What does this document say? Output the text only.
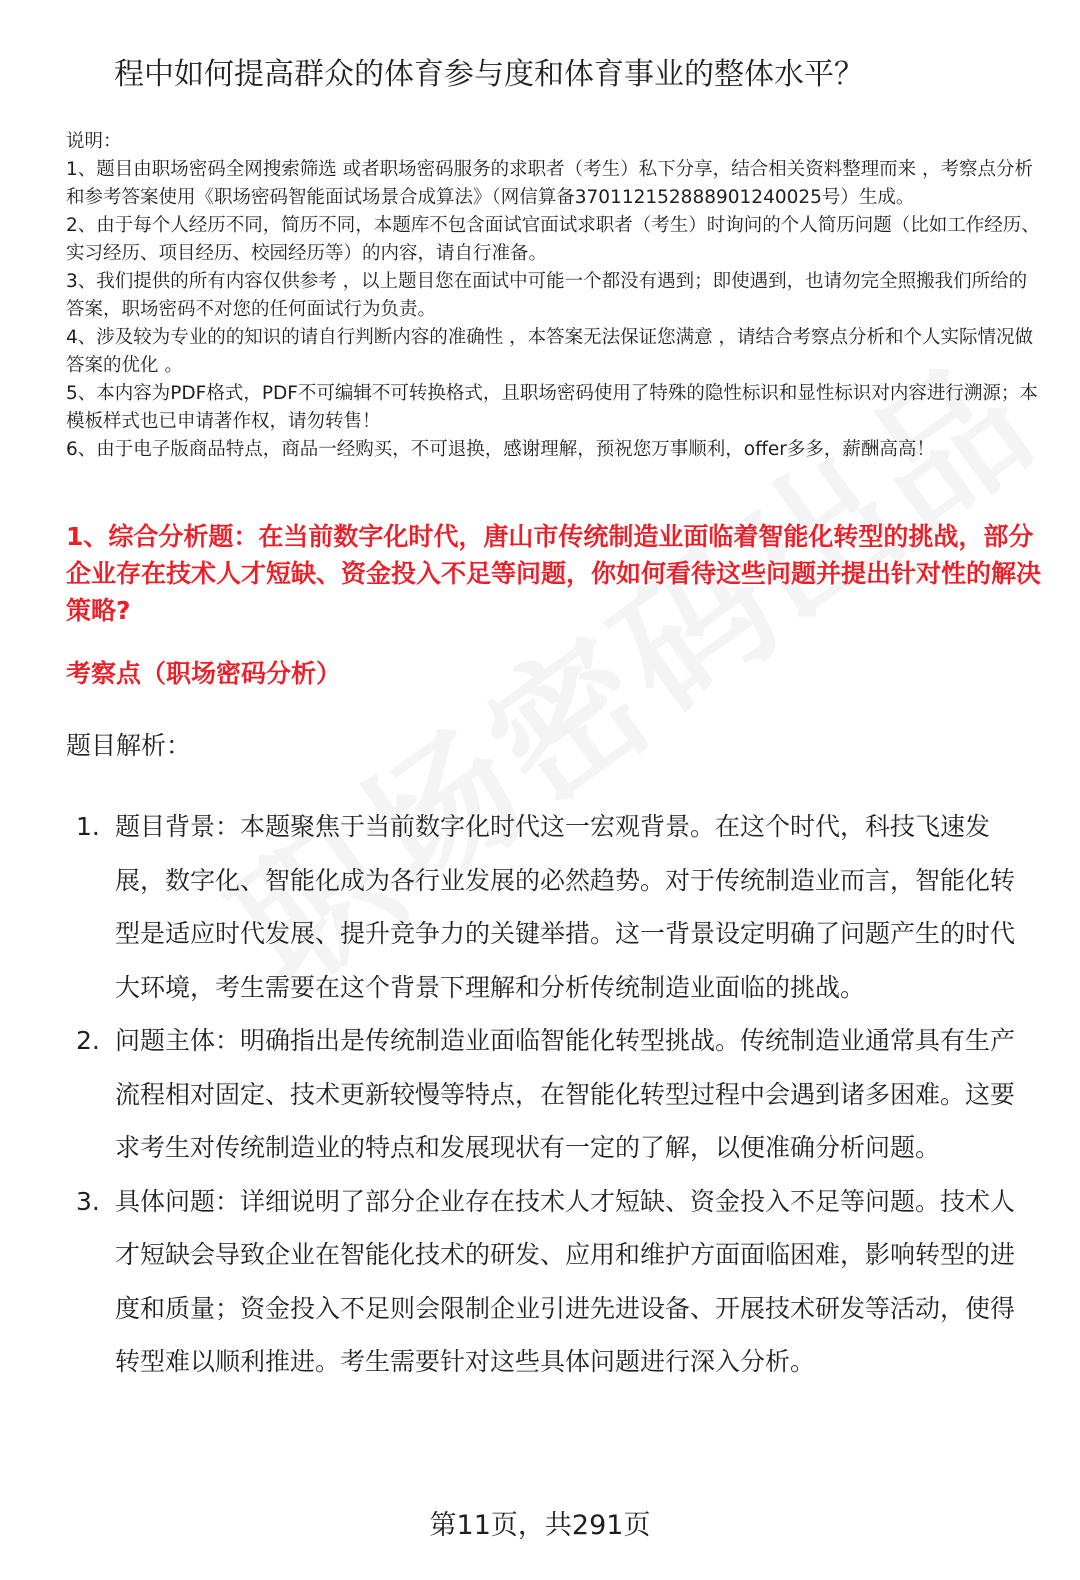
程中如何提高群众的体育参与度和体育事业的整体水平？

说明：

1、题目由职场密码全网搜索筛选 或者职场密码服务的求职者（考生）私下分享，结合相关资料整理而来 ，考察点分析和参考答案使用《职场密码智能面试场景合成算法》（网信算备370112152888901240025号）生成。

2、由于每个人经历不同，简历不同，本题库不包含面试官面试求职者（考生）时询问的个人简历问题（比如工作经历、实习经历、项目经历、校园经历等）的内容，请自行准备。

3、我们提供的所有内容仅供参考 ，以上题目您在面试中可能一个都没有遇到；即使遇到，也请勿完全照搬我们所给的答案，职场密码不对您的任何面试行为负责。

4、涉及较为专业的的知识的请自行判断内容的准确性 ，本答案无法保证您满意 ，请结合考察点分析和个人实际情况做答案的优化 。

5、本内容为PDF格式，PDF不可编辑不可转换格式，且职场密码使用了特殊的隐性标识和显性标识对内容进行溯源；本模板样式也已申请著作权，请勿转售！

6、由于电子版商品特点，商品一经购买，不可退换，感谢理解，预祝您万事顺利，offer多多，薪酬高高！

1、综合分析题：在当前数字化时代，唐山市传统制造业面临着智能化转型的挑战，部分企业存在技术人才短缺、资金投入不足等问题，你如何看待这些问题并提出针对性的解决策略?
考察点（职场密码分析）
题目解析：
1. 题目背景：本题聚焦于当前数字化时代这一宏观背景。在这个时代，科技飞速发展，数字化、智能化成为各行业发展的必然趋势。对于传统制造业而言，智能化转型是适应时代发展、提升竞争力的关键举措。这一背景设定明确了问题产生的时代大环境，考生需要在这个背景下理解和分析传统制造业面临的挑战。
2. 问题主体：明确指出是传统制造业面临智能化转型挑战。传统制造业通常具有生产流程相对固定、技术更新较慢等特点，在智能化转型过程中会遇到诸多困难。这要求考生对传统制造业的特点和发展现状有一定的了解，以便准确分析问题。
3. 具体问题：详细说明了部分企业存在技术人才短缺、资金投入不足等问题。技术人才短缺会导致企业在智能化技术的研发、应用和维护方面面临困难，影响转型的进度和质量；资金投入不足则会限制企业引进先进设备、开展技术研发等活动，使得转型难以顺利推进。考生需要针对这些具体问题进行深入分析。
第11页，共291页
